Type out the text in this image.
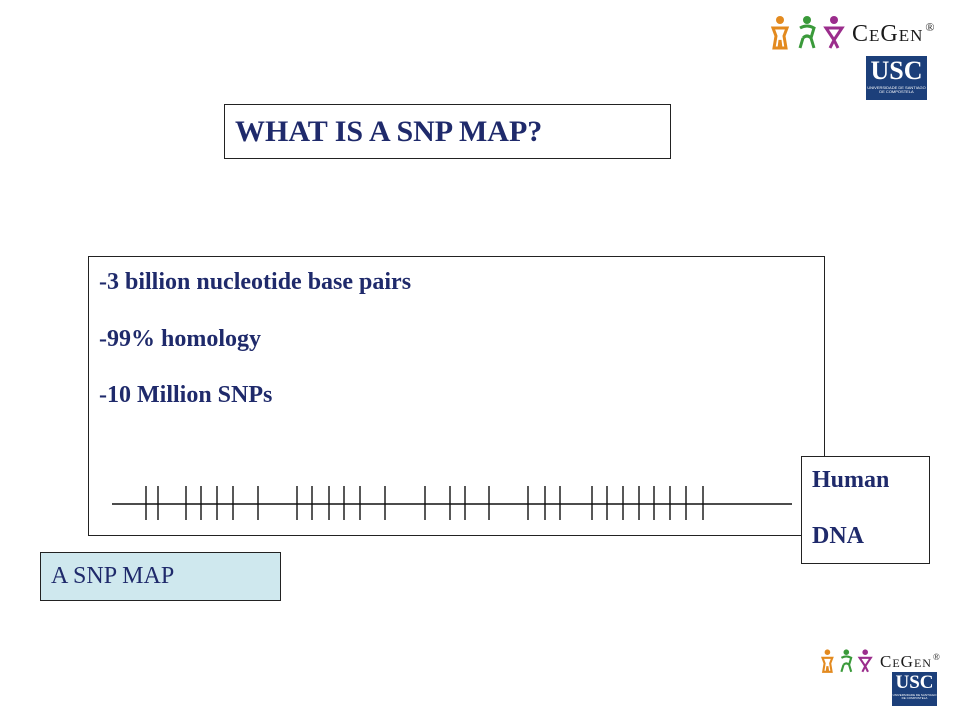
CeGen ®
USC
UNIVERSIDADE DE SANTIAGO DE COMPOSTELA
WHAT IS A SNP MAP?
-3 billion nucleotide base pairs
-99% homology
-10 Million SNPs
Human
DNA
A SNP MAP
CeGen ®
USC
UNIVERSIDADE DE SANTIAGO DE COMPOSTELA
